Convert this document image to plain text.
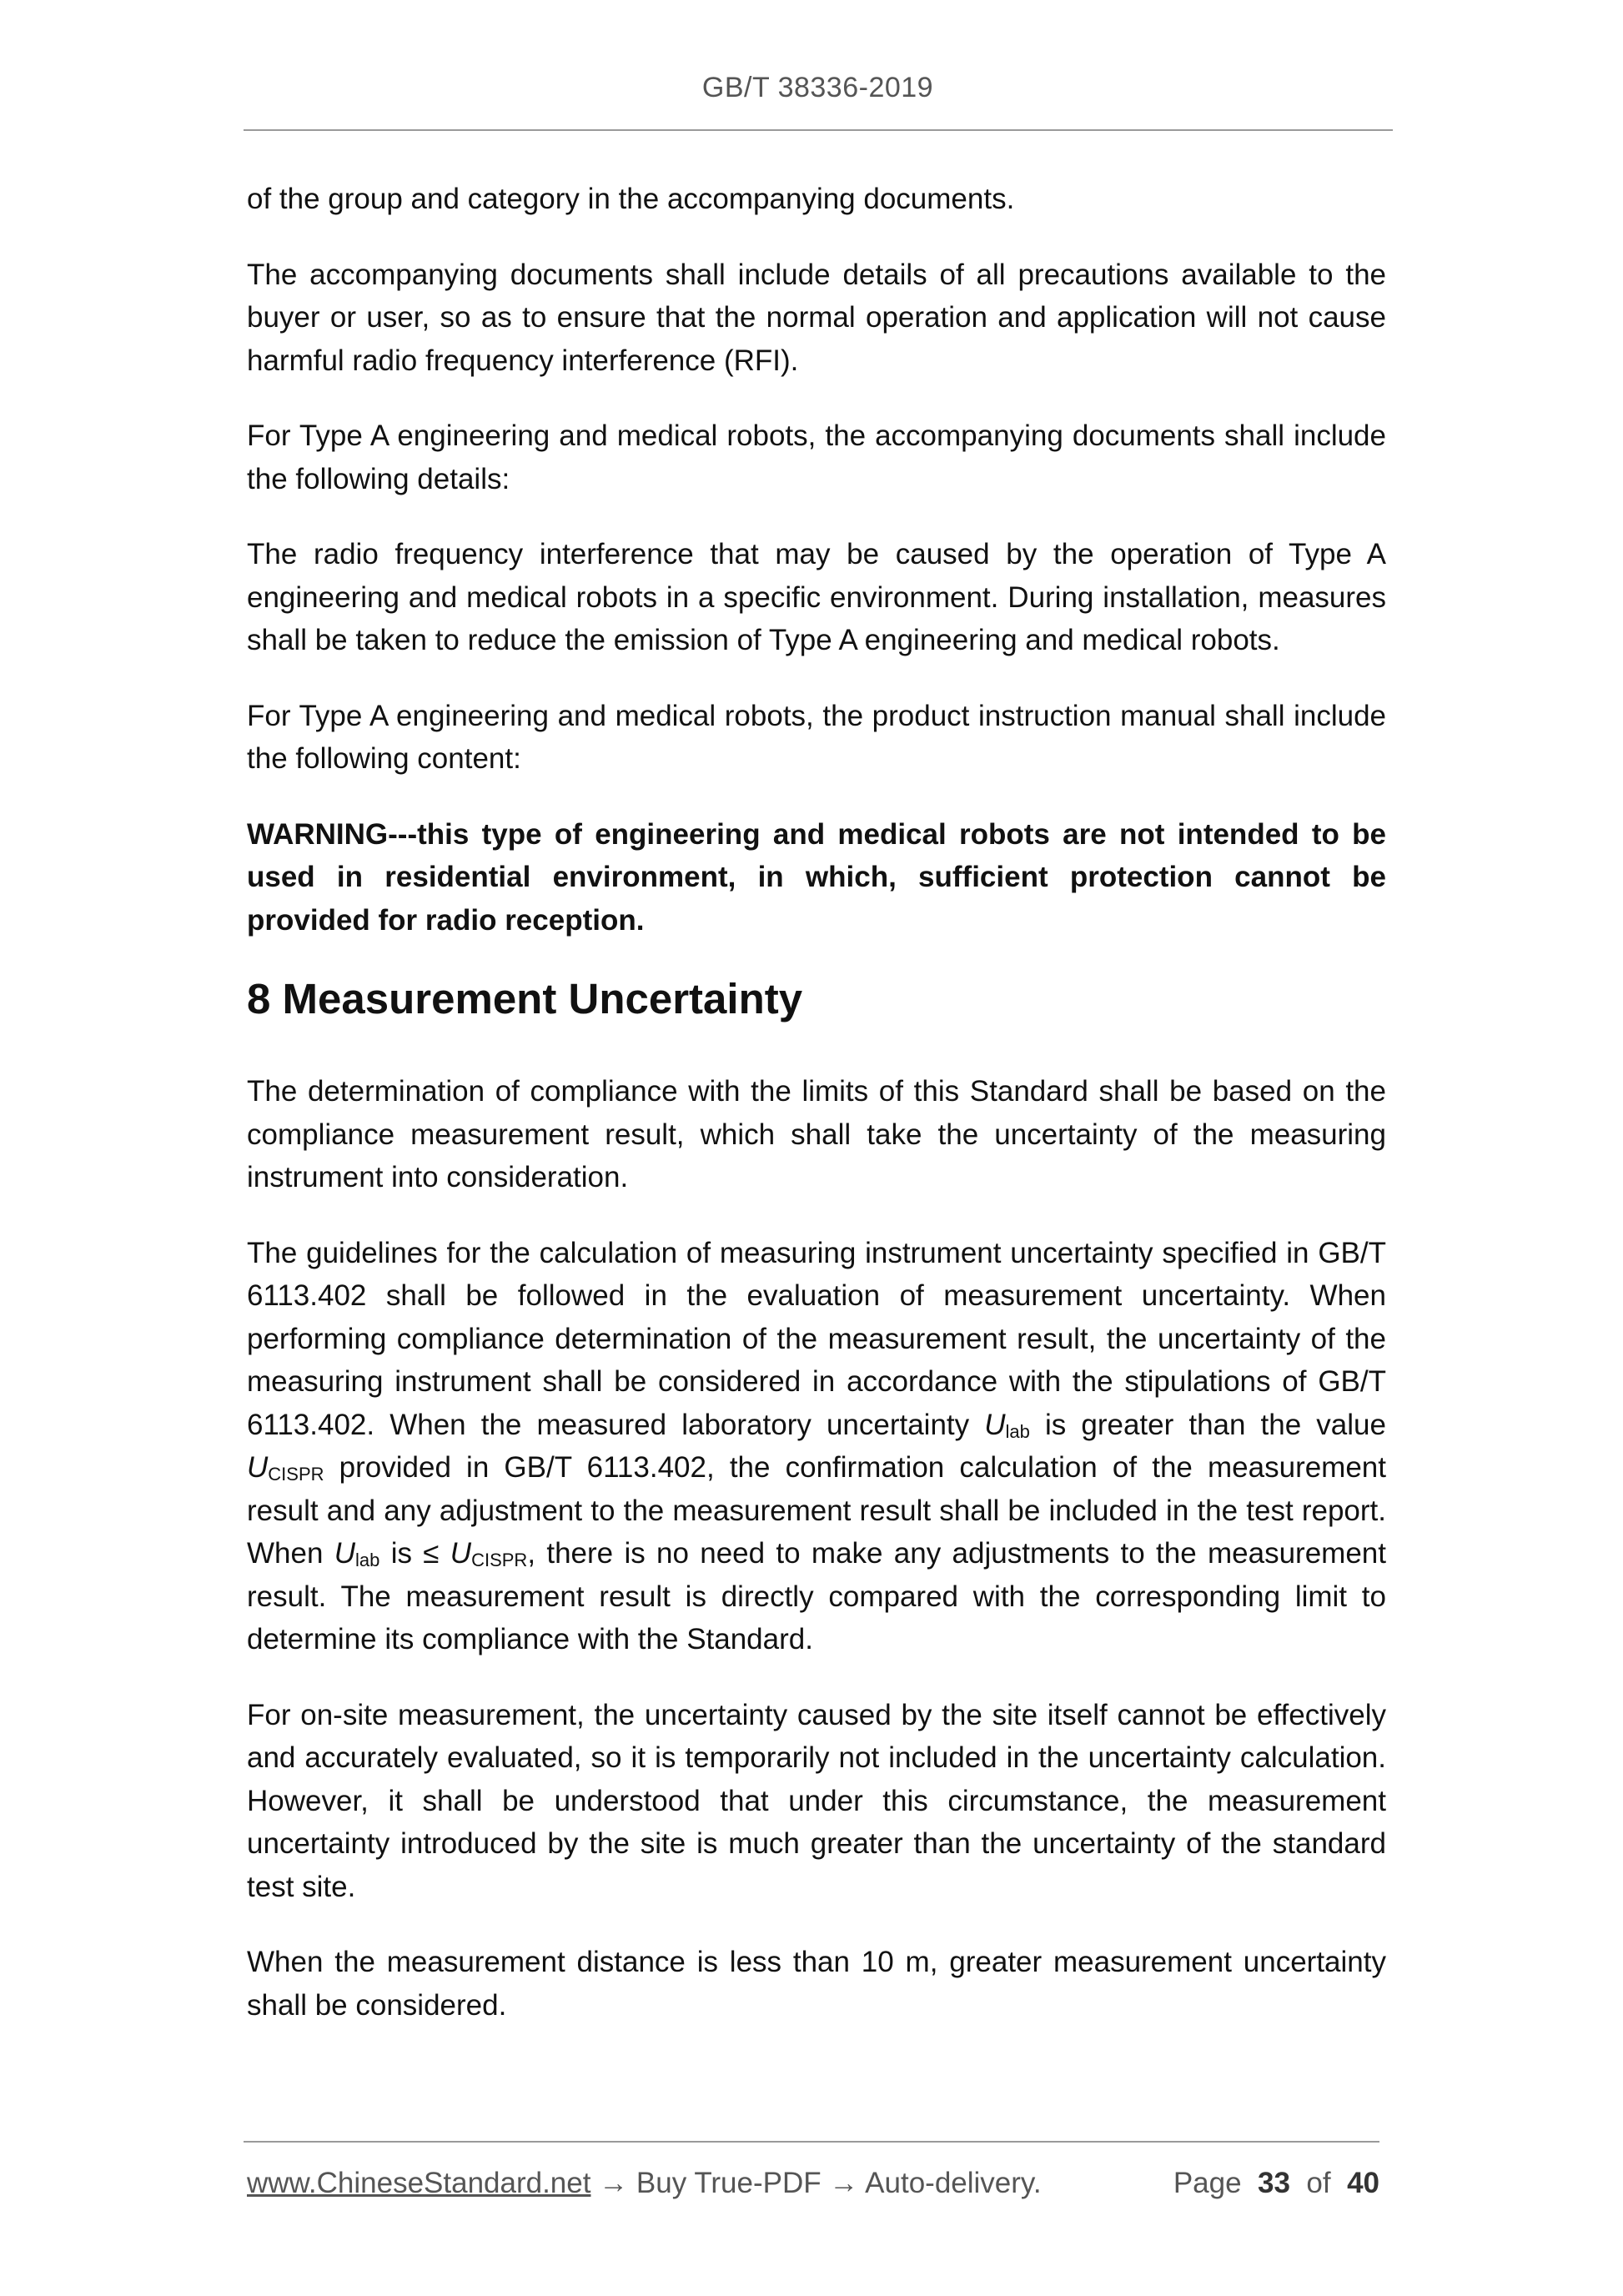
GB/T 38336-2019

of the group and category in the accompanying documents.

The accompanying documents shall include details of all precautions available to the buyer or user, so as to ensure that the normal operation and application will not cause harmful radio frequency interference (RFI).

For Type A engineering and medical robots, the accompanying documents shall include the following details:

The radio frequency interference that may be caused by the operation of Type A engineering and medical robots in a specific environment. During installation, measures shall be taken to reduce the emission of Type A engineering and medical robots.

For Type A engineering and medical robots, the product instruction manual shall include the following content:

WARNING---this type of engineering and medical robots are not intended to be used in residential environment, in which, sufficient protection cannot be provided for radio reception.

8 Measurement Uncertainty

The determination of compliance with the limits of this Standard shall be based on the compliance measurement result, which shall take the uncertainty of the measuring instrument into consideration.

The guidelines for the calculation of measuring instrument uncertainty specified in GB/T 6113.402 shall be followed in the evaluation of measurement uncertainty. When performing compliance determination of the measurement result, the uncertainty of the measuring instrument shall be considered in accordance with the stipulations of GB/T 6113.402. When the measured laboratory uncertainty $U_{lab}$ is greater than the value $U_{CISPR}$ provided in GB/T 6113.402, the confirmation calculation of the measurement result and any adjustment to the measurement result shall be included in the test report. When $U_{lab}$ is ≤ $U_{CISPR}$, there is no need to make any adjustments to the measurement result. The measurement result is directly compared with the corresponding limit to determine its compliance with the Standard.

For on-site measurement, the uncertainty caused by the site itself cannot be effectively and accurately evaluated, so it is temporarily not included in the uncertainty calculation. However, it shall be understood that under this circumstance, the measurement uncertainty introduced by the site is much greater than the uncertainty of the standard test site.

When the measurement distance is less than 10 m, greater measurement uncertainty shall be considered.

www.ChineseStandard.net → Buy True-PDF → Auto-delivery.	Page 33 of 40
